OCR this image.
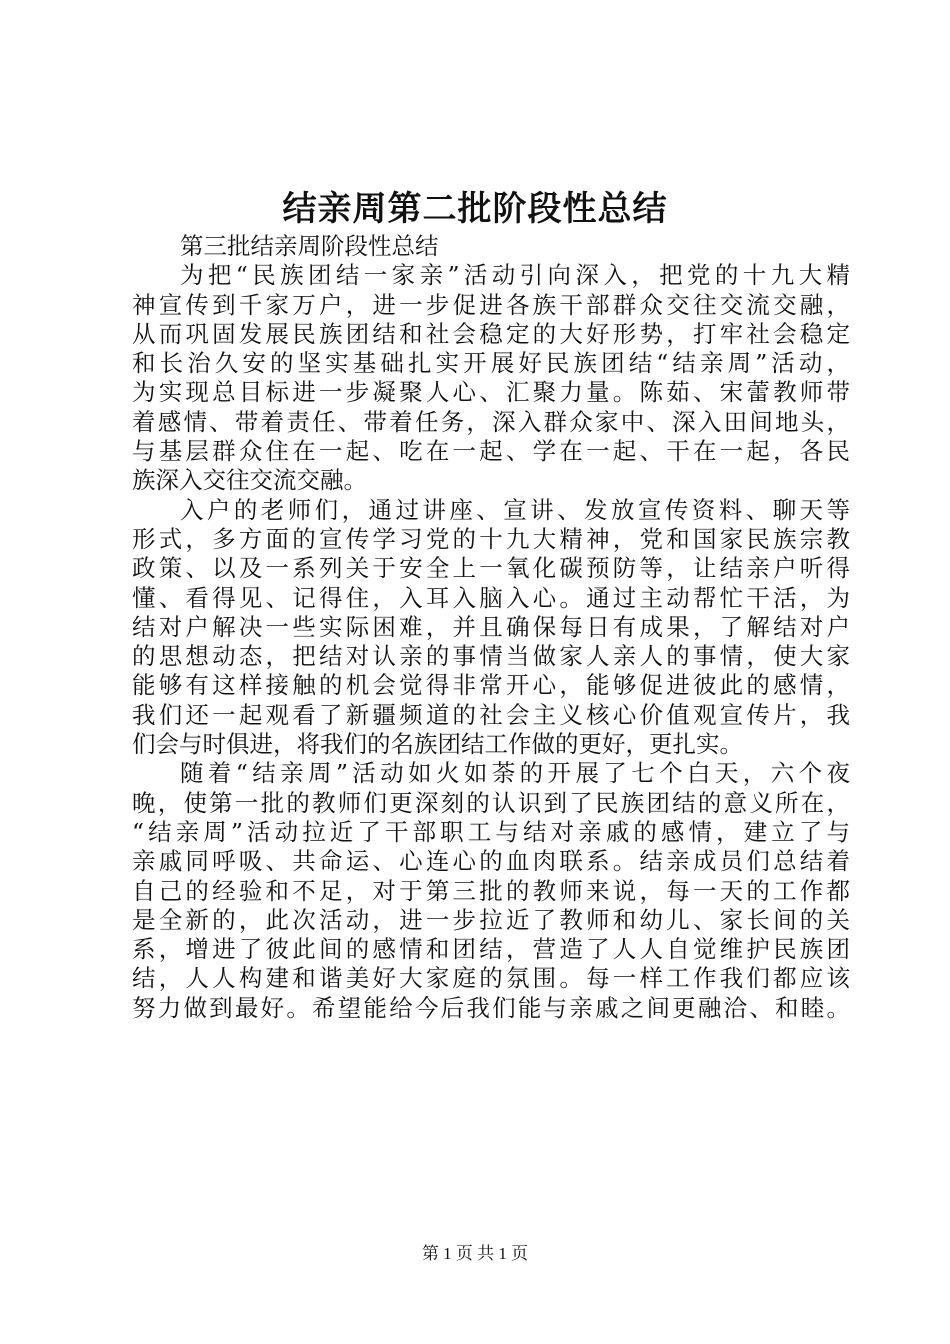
结亲周第二批阶段性总结
第三批结亲周阶段性总结
为把“民族团结一家亲”活动引向深入，把党的十九大精
神宣传到千家万户，进一步促进各族干部群众交往交流交融，
从而巩固发展民族团结和社会稳定的大好形势，打牢社会稳定
和长治久安的坚实基础扎实开展好民族团结“结亲周”活动，
为实现总目标进一步凝聚人心、汇聚力量。陈茹、宋蕾教师带
着感情、带着责任、带着任务，深入群众家中、深入田间地头，
与基层群众住在一起、吃在一起、学在一起、干在一起，各民
族深入交往交流交融。
入户的老师们，通过讲座、宣讲、发放宣传资料、聊天等
形式，多方面的宣传学习党的十九大精神，党和国家民族宗教
政策、以及一系列关于安全上一氧化碳预防等，让结亲户听得
懂、看得见、记得住，入耳入脑入心。通过主动帮忙干活，为
结对户解决一些实际困难，并且确保每日有成果，了解结对户
的思想动态，把结对认亲的事情当做家人亲人的事情，使大家
能够有这样接触的机会觉得非常开心，能够促进彼此的感情，
我们还一起观看了新疆频道的社会主义核心价值观宣传片，我
们会与时俱进，将我们的名族团结工作做的更好，更扎实。
随着“结亲周”活动如火如荼的开展了七个白天，六个夜
晚，使第一批的教师们更深刻的认识到了民族团结的意义所在，
“结亲周”活动拉近了干部职工与结对亲戚的感情，建立了与
亲戚同呼吸、共命运、心连心的血肉联系。结亲成员们总结着
自己的经验和不足，对于第三批的教师来说，每一天的工作都
是全新的，此次活动，进一步拉近了教师和幼儿、家长间的关
系，增进了彼此间的感情和团结，营造了人人自觉维护民族团
结，人人构建和谐美好大家庭的氛围。每一样工作我们都应该
努力做到最好。希望能给今后我们能与亲戚之间更融洽、和睦。
第 1 页 共 1 页
